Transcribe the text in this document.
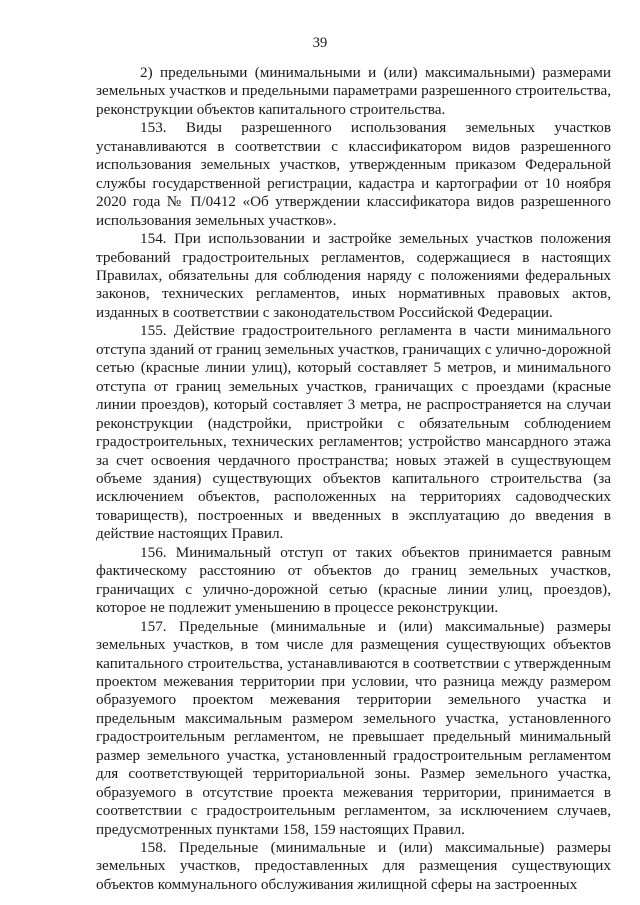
39

2) предельными (минимальными и (или) максимальными) размерами земельных участков и предельными параметрами разрешенного строительства, реконструкции объектов капитального строительства.

153. Виды разрешенного использования земельных участков устанавливаются в соответствии с классификатором видов разрешенного использования земельных участков, утвержденным приказом Федеральной службы государственной регистрации, кадастра и картографии от 10 ноября 2020 года № П/0412 «Об утверждении классификатора видов разрешенного использования земельных участков».

154. При использовании и застройке земельных участков положения требований градостроительных регламентов, содержащиеся в настоящих Правилах, обязательны для соблюдения наряду с положениями федеральных законов, технических регламентов, иных нормативных правовых актов, изданных в соответствии с законодательством Российской Федерации.

155. Действие градостроительного регламента в части минимального отступа зданий от границ земельных участков, граничащих с улично-дорожной сетью (красные линии улиц), который составляет 5 метров, и минимального отступа от границ земельных участков, граничащих с проездами (красные линии проездов), который составляет 3 метра, не распространяется на случаи реконструкции (надстройки, пристройки с обязательным соблюдением градостроительных, технических регламентов; устройство мансардного этажа за счет освоения чердачного пространства; новых этажей в существующем объеме здания) существующих объектов капитального строительства (за исключением объектов, расположенных на территориях садоводческих товариществ), построенных и введенных в эксплуатацию до введения в действие настоящих Правил.

156. Минимальный отступ от таких объектов принимается равным фактическому расстоянию от объектов до границ земельных участков, граничащих с улично-дорожной сетью (красные линии улиц, проездов), которое не подлежит уменьшению в процессе реконструкции.

157. Предельные (минимальные и (или) максимальные) размеры земельных участков, в том числе для размещения существующих объектов капитального строительства, устанавливаются в соответствии с утвержденным проектом межевания территории при условии, что разница между размером образуемого проектом межевания территории земельного участка и предельным максимальным размером земельного участка, установленного градостроительным регламентом, не превышает предельный минимальный размер земельного участка, установленный градостроительным регламентом для соответствующей территориальной зоны. Размер земельного участка, образуемого в отсутствие проекта межевания территории, принимается в соответствии с градостроительным регламентом, за исключением случаев, предусмотренных пунктами 158, 159 настоящих Правил.

158. Предельные (минимальные и (или) максимальные) размеры земельных участков, предоставленных для размещения существующих объектов коммунального обслуживания жилищной сферы на застроенных
